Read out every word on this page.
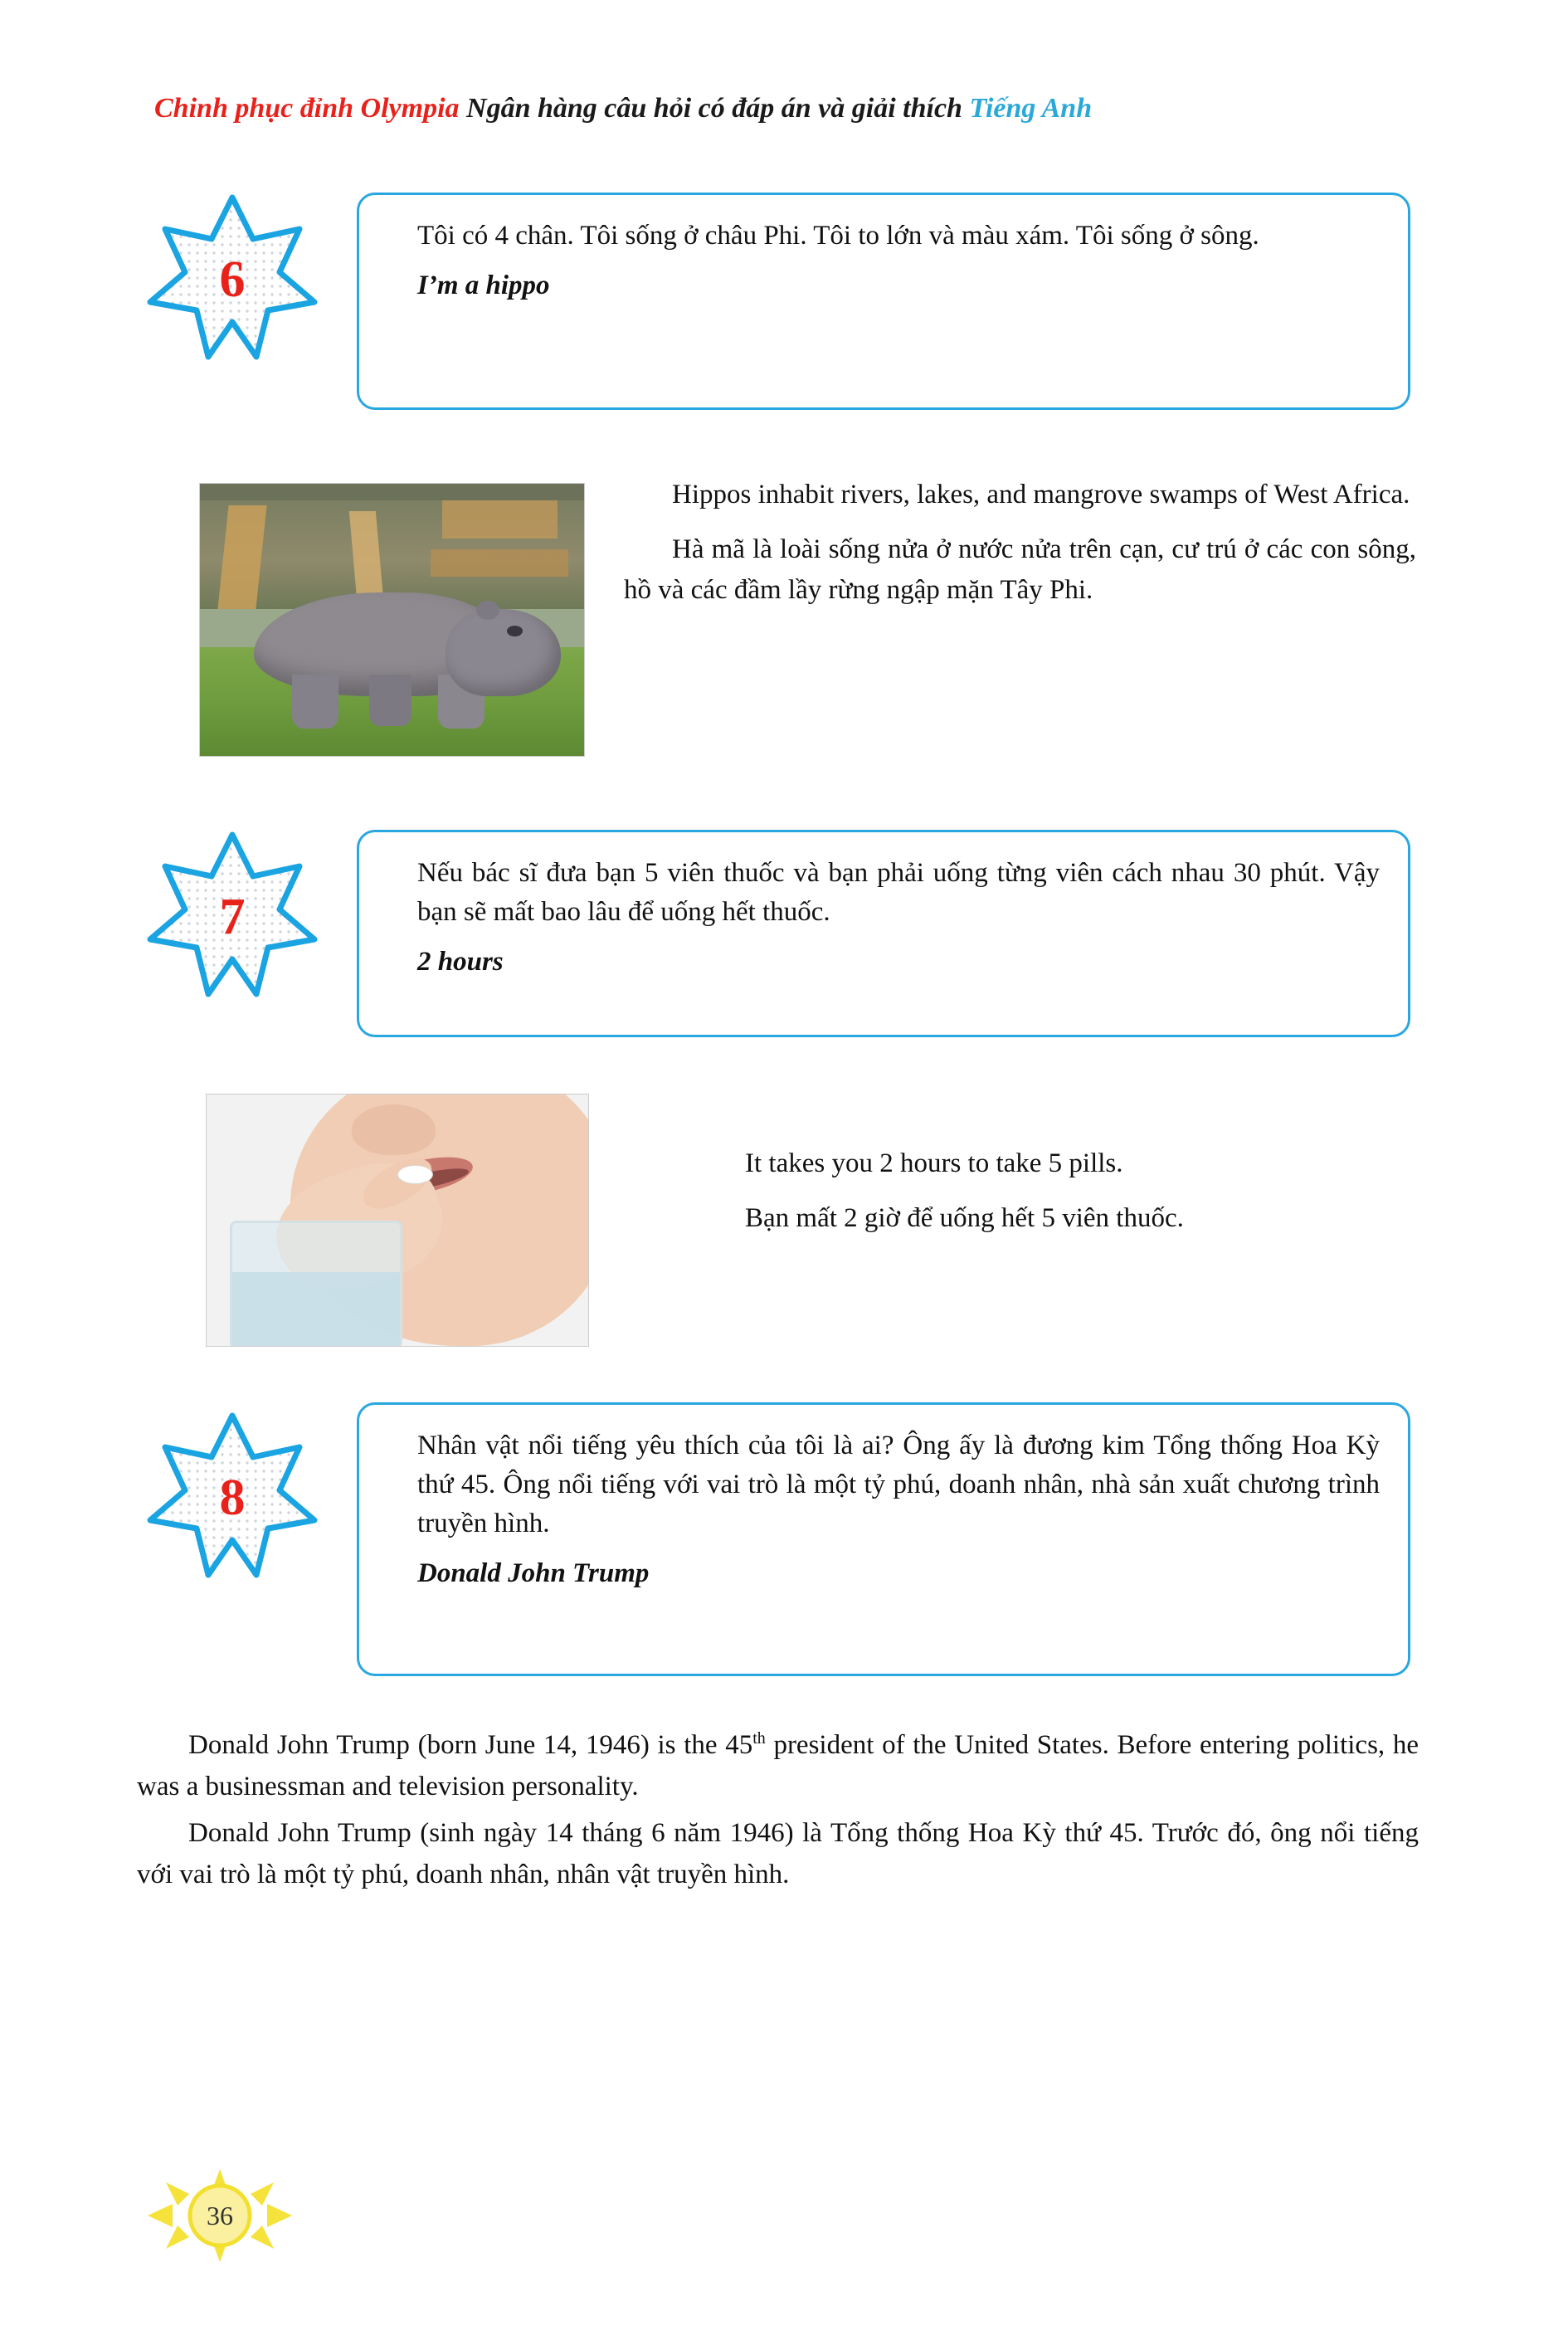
Chinh phục đỉnh Olympia Ngân hàng câu hỏi có đáp án và giải thích Tiếng Anh
Tôi có 4 chân. Tôi sống ở châu Phi. Tôi to lớn và màu xám. Tôi sống ở sông.
I’m a hippo
6

Hippos inhabit rivers, lakes, and mangrove swamps of West Africa.

Hà mã là loài sống nửa ở nước nửa trên cạn, cư trú ở các con sông, hồ và các đầm lầy rừng ngập mặn Tây Phi.

Nếu bác sĩ đưa bạn 5 viên thuốc và bạn phải uống từng viên cách nhau 30 phút. Vậy bạn sẽ mất bao lâu để uống hết thuốc.
2 hours
7

It takes you 2 hours to take 5 pills.

Bạn mất 2 giờ để uống hết 5 viên thuốc.

Nhân vật nổi tiếng yêu thích của tôi là ai? Ông ấy là đương kim Tổng thống Hoa Kỳ thứ 45. Ông nổi tiếng với vai trò là một tỷ phú, doanh nhân, nhà sản xuất chương trình truyền hình.
Donald John Trump
8

Donald John Trump (born June 14, 1946) is the 45th president of the United States. Before entering politics, he was a businessman and television personality.

Donald John Trump (sinh ngày 14 tháng 6 năm 1946) là Tổng thống Hoa Kỳ thứ 45. Trước đó, ông nổi tiếng với vai trò là một tỷ phú, doanh nhân, nhân vật truyền hình.

36
